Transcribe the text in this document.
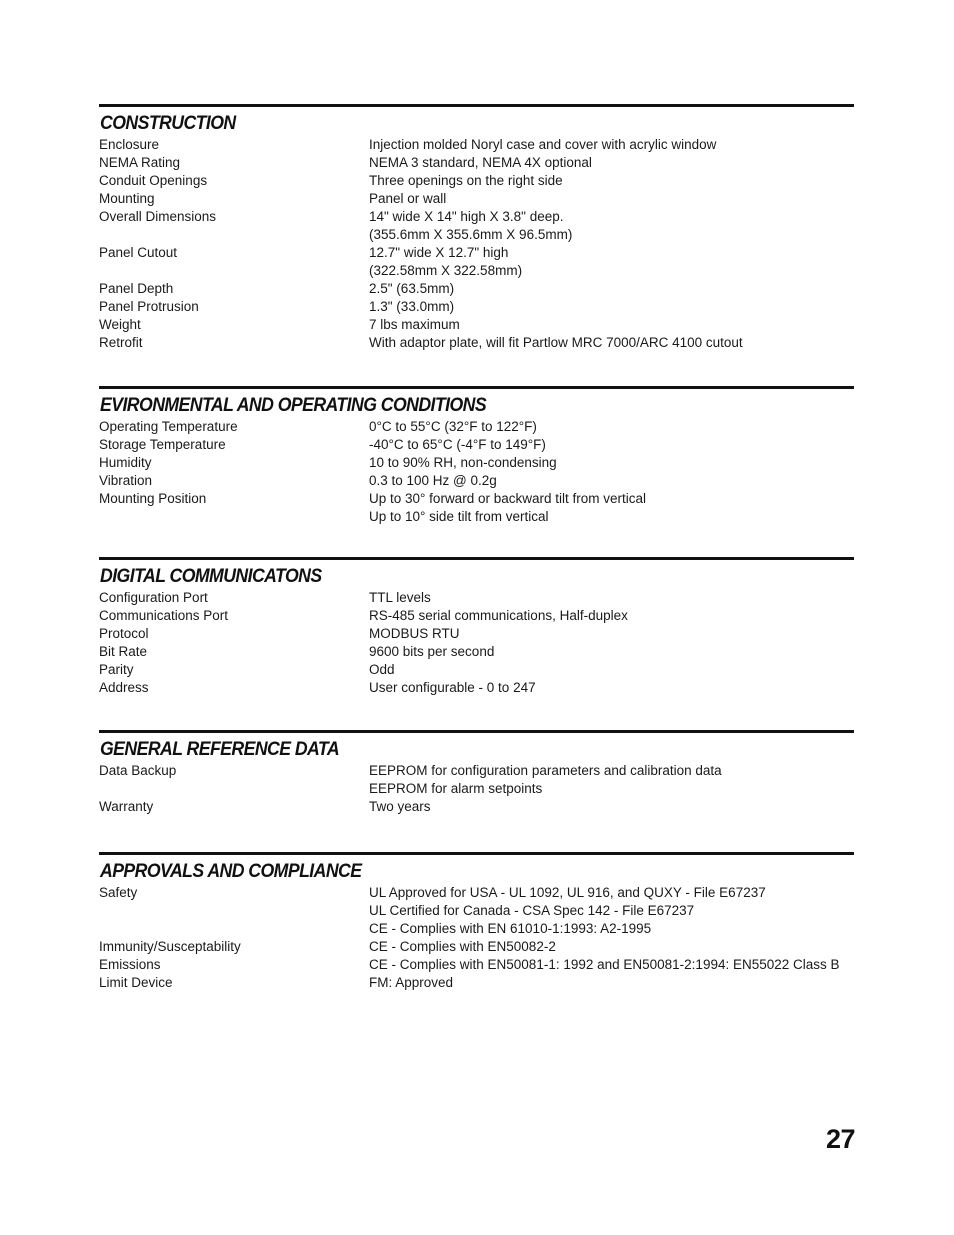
CONSTRUCTION
Enclosure	Injection molded Noryl case and cover with acrylic window
NEMA Rating	NEMA 3 standard, NEMA 4X optional
Conduit Openings	Three openings on the right side
Mounting	Panel or wall
Overall Dimensions	14" wide X 14" high X 3.8" deep.
(355.6mm X 355.6mm X 96.5mm)
Panel Cutout	12.7" wide X 12.7" high
(322.58mm X 322.58mm)
Panel Depth	2.5" (63.5mm)
Panel Protrusion	1.3" (33.0mm)
Weight	7 lbs maximum
Retrofit	With adaptor plate, will fit Partlow MRC 7000/ARC 4100 cutout
EVIRONMENTAL AND OPERATING CONDITIONS
Operating Temperature	0°C to 55°C (32°F to 122°F)
Storage Temperature	-40°C to 65°C (-4°F to 149°F)
Humidity	10 to 90% RH, non-condensing
Vibration	0.3 to 100 Hz @ 0.2g
Mounting Position	Up to 30° forward or backward tilt from vertical
Up to 10° side tilt from vertical
DIGITAL COMMUNICATONS
Configuration Port	TTL levels
Communications Port	RS-485 serial communications, Half-duplex
Protocol	MODBUS RTU
Bit Rate	9600 bits per second
Parity	Odd
Address	User configurable - 0 to 247
GENERAL REFERENCE DATA
Data Backup	EEPROM for configuration parameters and calibration data
EEPROM for alarm setpoints
Warranty	Two years
APPROVALS AND COMPLIANCE
Safety	UL Approved for USA - UL 1092, UL 916, and QUXY - File E67237
UL Certified for Canada - CSA Spec 142 - File E67237
CE - Complies with EN 61010-1:1993: A2-1995
Immunity/Susceptability	CE - Complies with EN50082-2
Emissions	CE - Complies with EN50081-1: 1992 and EN50081-2:1994: EN55022 Class B
Limit Device	FM: Approved
27
